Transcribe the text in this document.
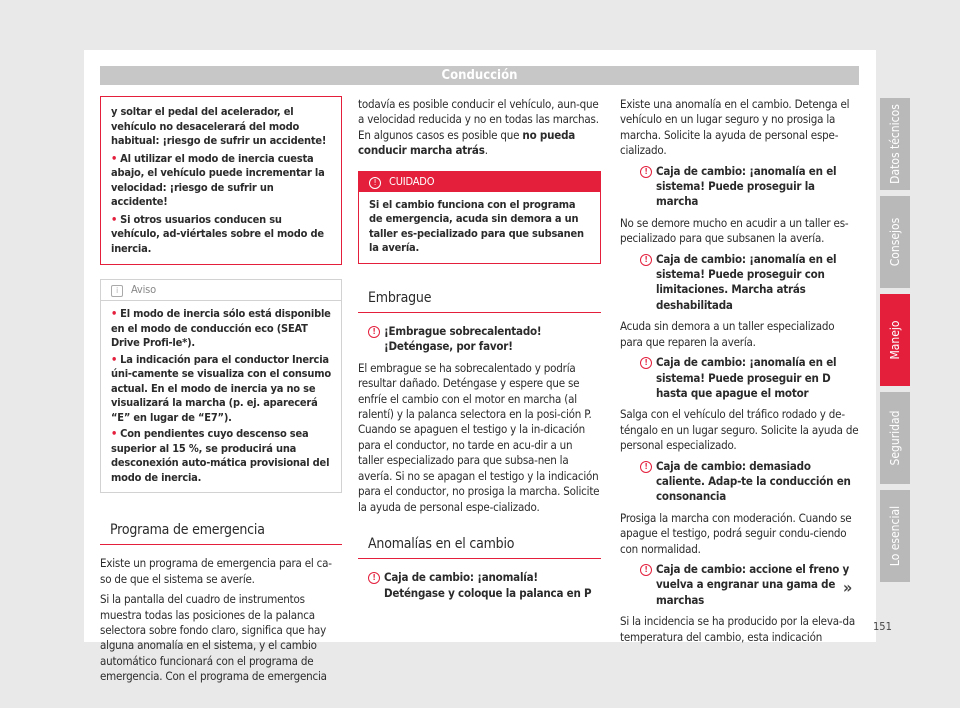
Conducción

y soltar el pedal del acelerador, el vehículo no desacelerará del modo habitual: ¡riesgo de sufrir un accidente!

• Al utilizar el modo de inercia cuesta abajo, el vehículo puede incrementar la velocidad: ¡riesgo de sufrir un accidente!

• Si otros usuarios conducen su vehículo, ad-viértales sobre el modo de inercia.

i Aviso

• El modo de inercia sólo está disponible en el modo de conducción eco (SEAT Drive Profi-le*).

• La indicación para el conductor Inercia úni-camente se visualiza con el consumo actual. En el modo de inercia ya no se visualizará la marcha (p. ej. aparecerá “E” en lugar de “E7”).

• Con pendientes cuyo descenso sea superior al 15 %, se producirá una desconexión auto-mática provisional del modo de inercia.

Programa de emergencia

Existe un programa de emergencia para el ca-so de que el sistema se averíe.

Si la pantalla del cuadro de instrumentos muestra todas las posiciones de la palanca selectora sobre fondo claro, significa que hay alguna anomalía en el sistema, y el cambio automático funcionará con el programa de emergencia. Con el programa de emergencia

todavía es posible conducir el vehículo, aun-que a velocidad reducida y no en todas las marchas. En algunos casos es posible que no pueda conducir marcha atrás.

! CUIDADO
Si el cambio funciona con el programa de emergencia, acuda sin demora a un taller es-pecializado para que subsanen la avería.
Embrague
! ¡Embrague sobrecalentado! ¡Deténgase, por favor!

El embrague se ha sobrecalentado y podría resultar dañado. Deténgase y espere que se enfríe el cambio con el motor en marcha (al ralentí) y la palanca selectora en la posi-ción P. Cuando se apaguen el testigo y la in-dicación para el conductor, no tarde en acu-dir a un taller especializado para que subsa-nen la avería. Si no se apagan el testigo y la indicación para el conductor, no prosiga la marcha. Solicite la ayuda de personal espe-cializado.

Anomalías en el cambio
! Caja de cambio: ¡anomalía! Deténgase y coloque la palanca en P

Existe una anomalía en el cambio. Detenga el vehículo en un lugar seguro y no prosiga la marcha. Solicite la ayuda de personal espe-cializado.

! Caja de cambio: ¡anomalía en el sistema! Puede proseguir la marcha

No se demore mucho en acudir a un taller es-pecializado para que subsanen la avería.

! Caja de cambio: ¡anomalía en el sistema! Puede proseguir con limitaciones. Marcha atrás deshabilitada

Acuda sin demora a un taller especializado para que reparen la avería.

! Caja de cambio: ¡anomalía en el sistema! Puede proseguir en D hasta que apague el motor

Salga con el vehículo del tráfico rodado y de-téngalo en un lugar seguro. Solicite la ayuda de personal especializado.

! Caja de cambio: demasiado caliente. Adap-te la conducción en consonancia

Prosiga la marcha con moderación. Cuando se apague el testigo, podrá seguir condu-ciendo con normalidad.

! Caja de cambio: accione el freno y vuelva a engranar una gama de marchas

Si la incidencia se ha producido por la eleva-da temperatura del cambio, esta indicación

»
Datos técnicos
Consejos
Manejo
Seguridad
Lo esencial
151
